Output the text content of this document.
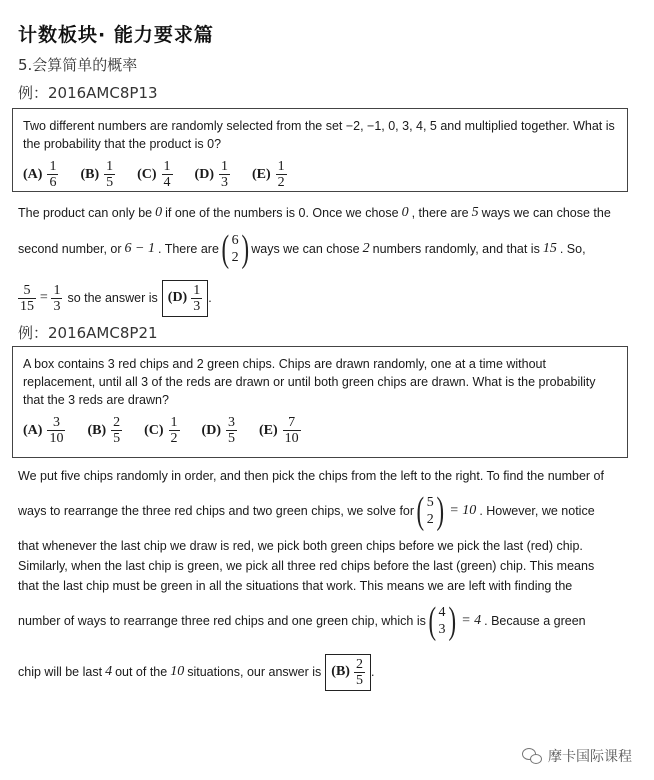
计数板块· 能力要求篇
5.会算简单的概率
例：2016AMC8P13
Two different numbers are randomly selected from the set −2, −1, 0, 3, 4, 5 and multiplied together. What is the probability that the product is 0?
$(A) \frac{1}{6} (B) \frac{1}{5} (C) \frac{1}{4} (D) \frac{1}{3} (E) \frac{1}{2}$
The product can only be 0 if one of the numbers is 0. Once we chose 0 , there are 5 ways we can chose the
second number, or 6 − 1 . There are ( 6
2 ) ways we can chose 2 numbers randomly, and that is 15 . So,
$\frac{5}{15} = \frac{1}{3}$ so the answer is $(D) \frac{1}{3}$ .
例：2016AMC8P21
A box contains 3 red chips and 2 green chips. Chips are drawn randomly, one at a time without replacement, until all 3 of the reds are drawn or until both green chips are drawn. What is the probability that the 3 reds are drawn?
$(A) \frac{3}{10} (B) \frac{2}{5} (C) \frac{1}{2} (D) \frac{3}{5} (E) \frac{7}{10}$
We put five chips randomly in order, and then pick the chips from the left to the right. To find the number of
ways to rearrange the three red chips and two green chips, we solve for ( 5
2 ) = 10 . However, we notice
that whenever the last chip we draw is red, we pick both green chips before we pick the last (red) chip.
Similarly, when the last chip is green, we pick all three red chips before the last (green) chip. This means
that the last chip must be green in all the situations that work. This means we are left with finding the
number of ways to rearrange three red chips and one green chip, which is ( 4
3 ) = 4 . Because a green
chip will be last 4 out of the 10 situations, our answer is $(B) \frac{2}{5}$ .
摩卡国际课程
